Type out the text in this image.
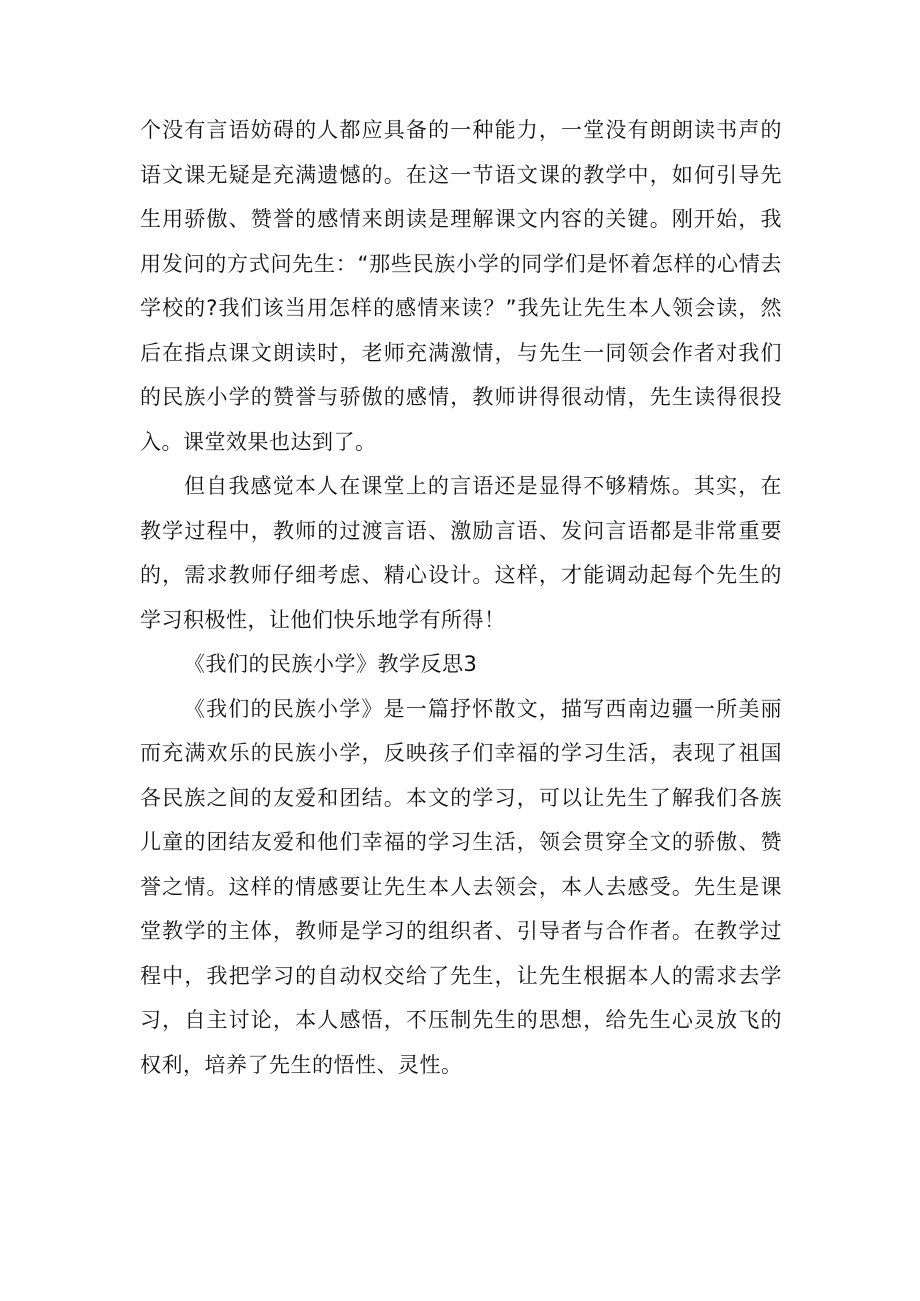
个没有言语妨碍的人都应具备的一种能力，一堂没有朗朗读书声的语文课无疑是充满遗憾的。在这一节语文课的教学中，如何引导先生用骄傲、赞誉的感情来朗读是理解课文内容的关键。刚开始，我用发问的方式问先生：“那些民族小学的同学们是怀着怎样的心情去学校的?我们该当用怎样的感情来读？”我先让先生本人领会读，然后在指点课文朗读时，老师充满激情，与先生一同领会作者对我们的民族小学的赞誉与骄傲的感情，教师讲得很动情，先生读得很投入。课堂效果也达到了。

但自我感觉本人在课堂上的言语还是显得不够精炼。其实，在教学过程中，教师的过渡言语、激励言语、发问言语都是非常重要的，需求教师仔细考虑、精心设计。这样，才能调动起每个先生的学习积极性，让他们快乐地学有所得！

《我们的民族小学》教学反思3

《我们的民族小学》是一篇抒怀散文，描写西南边疆一所美丽而充满欢乐的民族小学，反映孩子们幸福的学习生活，表现了祖国各民族之间的友爱和团结。本文的学习，可以让先生了解我们各族儿童的团结友爱和他们幸福的学习生活，领会贯穿全文的骄傲、赞誉之情。这样的情感要让先生本人去领会，本人去感受。先生是课堂教学的主体，教师是学习的组织者、引导者与合作者。在教学过程中，我把学习的自动权交给了先生，让先生根据本人的需求去学习，自主讨论，本人感悟，不压制先生的思想，给先生心灵放飞的权利，培养了先生的悟性、灵性。
